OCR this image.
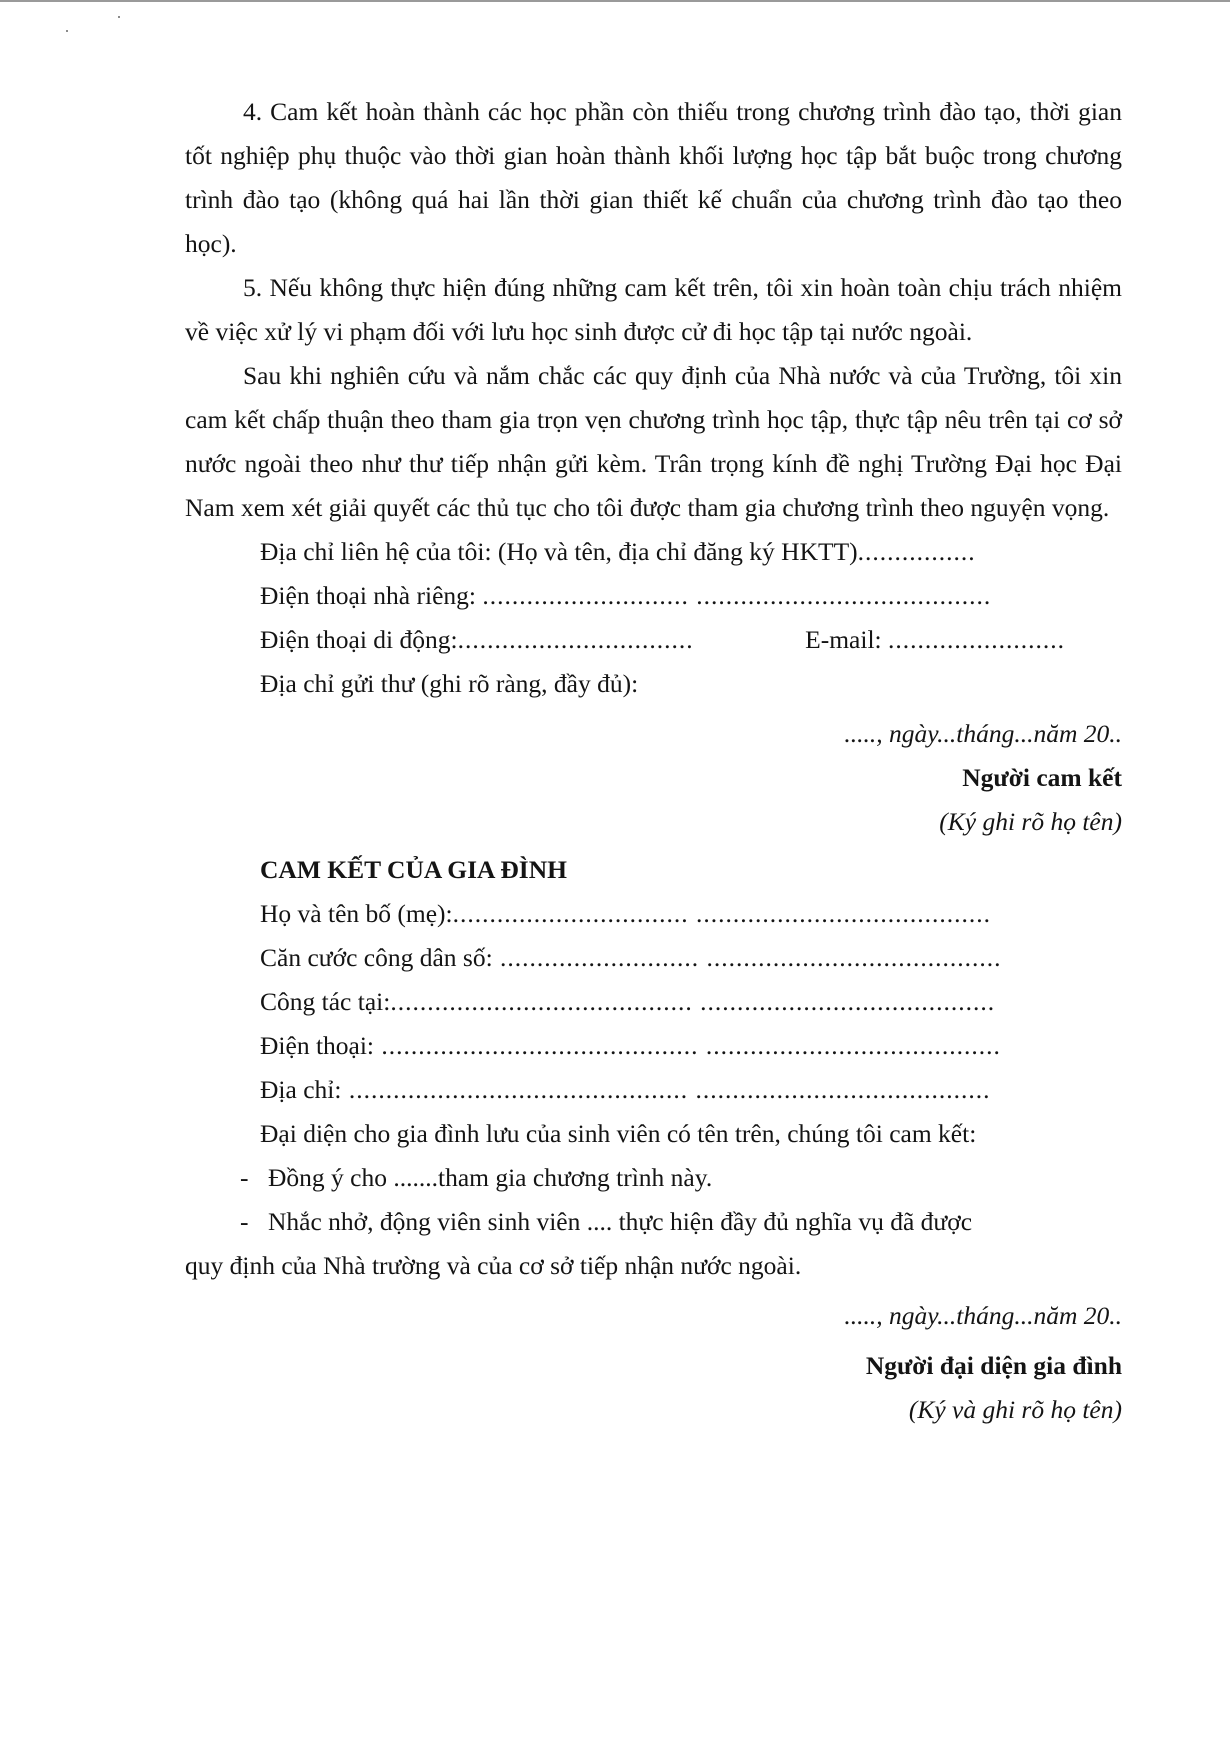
4. Cam kết hoàn thành các học phần còn thiếu trong chương trình đào tạo, thời gian tốt nghiệp phụ thuộc vào thời gian hoàn thành khối lượng học tập bắt buộc trong chương trình đào tạo (không quá hai lần thời gian thiết kế chuẩn của chương trình đào tạo theo học).

5. Nếu không thực hiện đúng những cam kết trên, tôi xin hoàn toàn chịu trách nhiệm về việc xử lý vi phạm đối với lưu học sinh được cử đi học tập tại nước ngoài.

Sau khi nghiên cứu và nắm chắc các quy định của Nhà nước và của Trường, tôi xin cam kết chấp thuận theo tham gia trọn vẹn chương trình học tập, thực tập nêu trên tại cơ sở nước ngoài theo như thư tiếp nhận gửi kèm. Trân trọng kính đề nghị Trường Đại học Đại Nam xem xét giải quyết các thủ tục cho tôi được tham gia chương trình theo nguyện vọng.

Địa chỉ liên hệ của tôi: (Họ và tên, địa chỉ đăng ký HKTT)................
Điện thoại nhà riêng: ............................ ........................................
Điện thoại di động:................................	E-mail: ........................
Địa chỉ gửi thư (ghi rõ ràng, đầy đủ):

....., ngày...tháng...năm 20..

Người cam kết

(Ký ghi rõ họ tên)

CAM KẾT CỦA GIA ĐÌNH

Họ và tên bố (mẹ):................................ ........................................
Căn cước công dân số: ........................... ........................................
Công tác tại:......................................... ........................................
Điện thoại: ........................................... ........................................
Địa chỉ: .............................................. ........................................
Đại diện cho gia đình lưu của sinh viên có tên trên, chúng tôi cam kết:

- Đồng ý cho .......tham gia chương trình này.

- Nhắc nhở, động viên sinh viên .... thực hiện đầy đủ nghĩa vụ đã được

quy định của Nhà trường và của cơ sở tiếp nhận nước ngoài.

....., ngày...tháng...năm 20..

Người đại diện gia đình

(Ký và ghi rõ họ tên)
